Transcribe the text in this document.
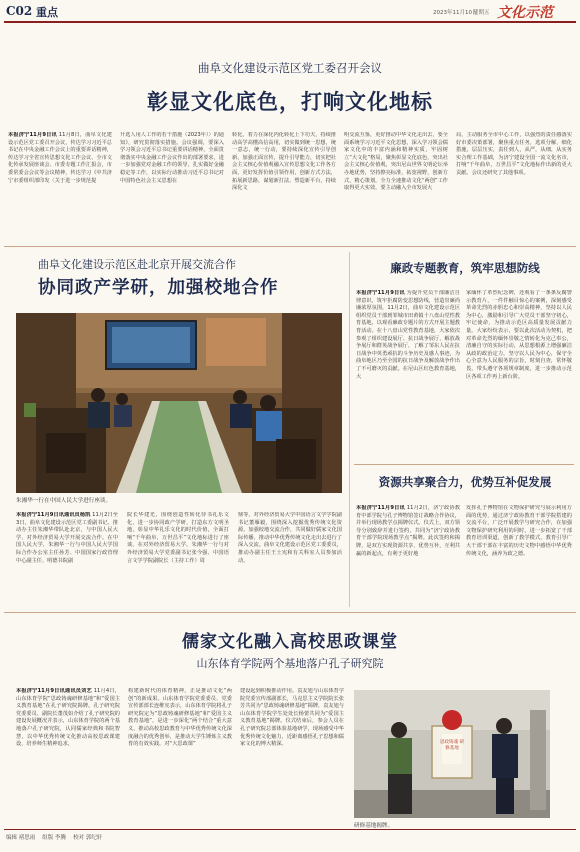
C02 重点	2023年11月10日
星期五 文化示范
曲阜文化建设示范区党工委召开会议
彰显文化底色，打响文化地标
本报济宁11月9日讯 11月8日，曲阜文化建设示范区党工委召开会议，传达学习习近平总书记在中央金融工作会议上的重要讲话精神，传达学习全省宣传思想文化工作会议、全市文化传承发展座谈会、市委专题工作汇报会，市委常委会会议等会议精神，传达学习《中共济宁市委组织部印发〈关于进一步规范提
升选人用人工作的若干措施（2023年）〉的通知》，研究贯彻落实措施。会议强调，要深入学习领会习近平总书记重要讲话精神，全面贯彻落实中央金融工作会议作出的部署要求，进一步加强党对金融工作的领导，扎实做好金融稳定等工作，以实际行动推动习近平总书记对中国特色社会主义思想在
转化，着力在深化内化转化上下功夫，持续推动高学高懂高信高用，切实做到统一思想，统一意志，统一行动，要持续深化宣传引导创新，加强正面宣传，提升引导能力，切实把社会主义核心价值观融入宣传思想文化工作各方面，更好发挥价值引领作用，创新方式方法，拓展新思路，谋划新打法，塑造新平台，持续深化文
明交流互鉴，更好推动中华文化走出去，要全面系统学习习近平文化思想，深入学习领会儒家文化中的丰富内涵和精神实质，牢固树立“大文化”格局，聚焦彰显文化底色，突出社会主义核心价值观，突出尼山世界文明论坛举办地优势，坚持擦亮标准，拓宽视野，创新方式，精心策划，全力全速推动文化“两创”工作取得更大实效，要主动融入全市发展大
局，主动服务全市中心工作，以强烈的责任感落实好市委决策部署，聚焦重点任务，选项分解，细化措施，层层压实，责任到人，从严，从细，从实务实合理工作基础，为济宁建设全国一流文化名市，打响“千年曲阜，万世昌平”文化地标作出新的更大贡献。会议还研究了其他事项。
曲阜文化建设示范区赴北京开展交流合作
协同政产学研，加强校地合作
朱湘华一行在中国人民大学进行座谈。
本报济宁11月9日讯通讯员杨凯 11月2日至3日，曲阜文化建设示范区党工委副书记、推动办主任朱湘华带队赴北京，与中国人民大学、对外经济贸易大学开展交流合作。在中国人民大学，朱湘华一行与中国人民大学国际合作办公室主任孙芳、中国国家行政管理中心副主任、明德书院副
院长华建光，围绕创造性转化待书礼乐文化，进一步协同政产学研，打造东方文明圣地，彰显中华礼乐文化的时代价值，全面打响“千年曲阜，万世昌平”文化地标进行了座谈。在对外经济贸易大学，朱湘华一行与对外经济贸易大学党委副书记张今强、中国语言文学学院副院长（主持工作）周
鼎等，对外经济贸易大学中国语言文学学院副书记董雁毅，围绕深入挖掘优秀传统文化资源，加强校地交流合作，共同做好儒家文化国际传播，推动中华优秀传统文化走出去进行了深入交流。曲阜文化建设示范区党工委委员，推动办副主任王士宪和有关科室人员参加活动。
廉政专题教育，筑牢思想防线
本报济宁11月9日讯 为提升党员干部廉洁自律意识，筑牢拒腐防变思想防线，营造崇廉尚廉浓厚氛围，11月2日，曲阜文化建设示范区组织党员干部到邹城市田黄镇十八盘山党性教育基地，以观看廉政专题片的方式开展主题教育活动。在十八盘山党性教育基地，大家依次参观了组织建设展厅、抗日战争展厅、解放战争展厅和群英战争展厅，了解了邹东人民在抗日战争中英勇顽抗的斗争历史及感人事迹，为曲阜地区乃至全国的抗日战争及解放战争作出了不可磨灭的贡献。在尼山区红色教育基地，大
家缅怀了革烈纪念碑，还观看了一条条反腐警示教育片，一件件触目惊心的案例，深刻感受革命先烈的赤胆忠心和崇高精神，坚持以人民为中心，激励和引导广大党员干部坚守初心，牢记使命，为推动示范区高质量发展贡献力量。大家纷纷表示，要以此次活动为契机，把对革命先烈的缅怀崇敬之情转化为克己奉公，清廉自守的实际行动，从思想根源上增强廉洁从政的政治定力，坚守以人民为中心，保守全心全意为人民服务的宗旨，时刻自查，常怀敬畏，带头遵守各项规章制度，进一步推动示范区各项工作再上新台阶。
资源共享聚合力，优势互补促发展
本报济宁11月9日讯 11月2日，济宁政协教育中部学院与孔子博物馆签订战略合作协议，并举行现场教学点揭牌仪式。仪式上，双方领导分别致辞并进行签约，共同为“济宁政协教育干部学院现场教学点”揭牌。此次签约和揭牌，是双方实现资源共享、优势互补，互利共赢的新起点，有利于更好地
发挥孔子博物馆在文物保护研究与展示利用方面的优势，通过济宁政协教育干部学院搭建的交流平台，广泛开展教学与研究合作，在加强文物保护研究利用的同时，进一步拓宽了干部教育培训渠道，创新了教学模式，教育引导广大干部干部在丰富的历史文物中感悟中华优秀传统文化，涵养为政之德。
儒家文化融入高校思政课堂
山东体育学院两个基地落户孔子研究院
本报济宁11月9日讯通讯员刘艺 11月4日，山东体育学院“思政铸魂研修基地”和“爱国主义教育基地”在孔子研究院揭牌。孔子研究院党委委员、副院长董茂如介绍了孔子研究院的建设发展概况并表示，山东体育学院的两个基地落户孔子研究院，认同儒家经典和书院智慧，以中华优秀传统文化推动高校思政课建设，培养师生精神追求，
构建新时代的体育精神，正是推动文化“两创”的新成果。山东体育学院党委委员、党委宣传部部长连维宪表示，山东体育学院将孔子研究院定为“思政铸魂研修基地”和“爱国主义教育基地”，是进一步深化“两个结合”重大意义，推动高校思政教育与中华优秀传统文化深度融合的优秀创举，是推动大学生锤炼主义教育的有效实践，对“大思政课”
建设起到积极推动作用。袁友旭与山东体育学院党委宣传部副部长，马克思主义学院院长张芳共同为“思政铸魂研修基地”揭牌，袁友旭与山东体育学院学生处处长杨蕾共同为“爱国主义教育基地”揭牌。仪式结束后，参会人员在孔子研究院总部体验基地研学，现场感受中华优秀传统文化魅力，近距离感悟孔子思想和儒家文化的博大精深。	思政铸魂 研修基地
研修基地揭牌。
编辑 褚思雨 组版 李腾 校对 郭纪轩
